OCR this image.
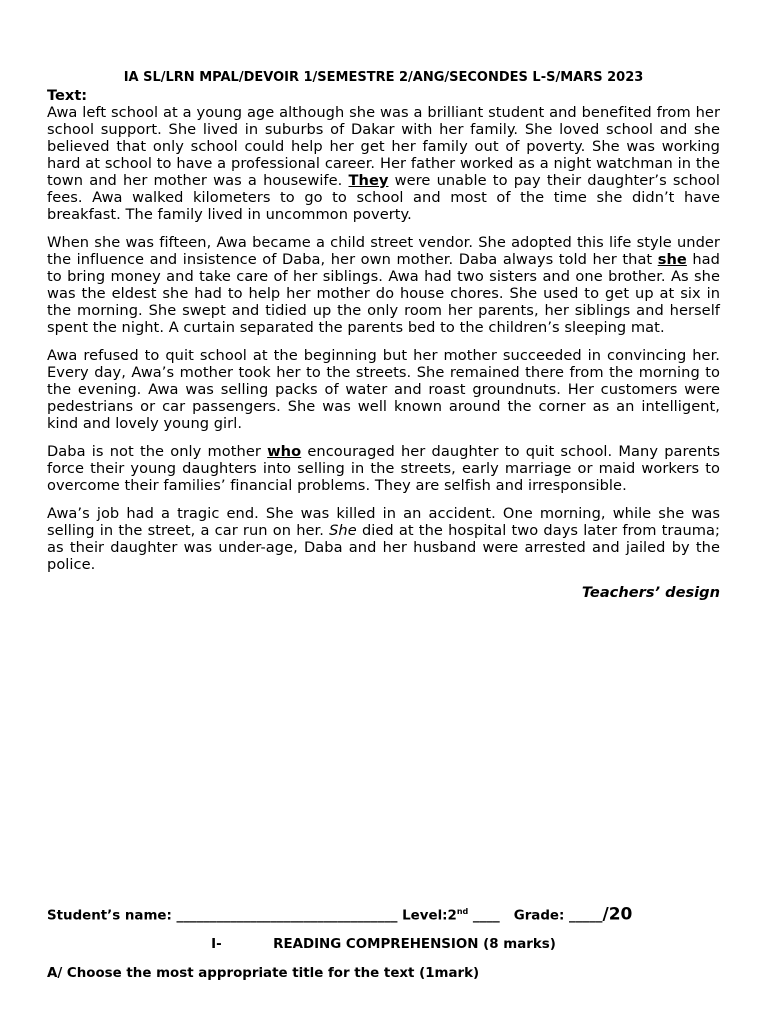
IA SL/LRN MPAL/DEVOIR 1/SEMESTRE 2/ANG/SECONDES L-S/MARS 2023

Text:

Awa left school at a young age although she was a brilliant student and benefited from her school support. She lived in suburbs of Dakar with her family. She loved school and she believed that only school could help her get her family out of poverty. She was working hard at school to have a professional career. Her father worked as a night watchman in the town and her mother was a housewife. They were unable to pay their daughter’s school fees. Awa walked kilometers to go to school and most of the time she didn’t have breakfast. The family lived in uncommon poverty.

When she was fifteen, Awa became a child street vendor. She adopted this life style under the influence and insistence of Daba, her own mother. Daba always told her that she had to bring money and take care of her siblings. Awa had two sisters and one brother. As she was the eldest she had to help her mother do house chores. She used to get up at six in the morning. She swept and tidied up the only room her parents, her siblings and herself spent the night. A curtain separated the parents bed to the children’s sleeping mat.

Awa refused to quit school at the beginning but her mother succeeded in convincing her. Every day, Awa’s mother took her to the streets. She remained there from the morning to the evening. Awa was selling packs of water and roast groundnuts. Her customers were pedestrians or car passengers. She was well known around the corner as an intelligent, kind and lovely young girl.

Daba is not the only mother who encouraged her daughter to quit school. Many parents force their young daughters into selling in the streets, early marriage or maid workers to overcome their families’ financial problems. They are selfish and irresponsible.

Awa’s job had a tragic end. She was killed in an accident. One morning, while she was selling in the street, a car run on her. She died at the hospital two days later from trauma; as their daughter was under-age, Daba and her husband were arrested and jailed by the police.

Teachers’ design

Student’s name: _________________________________ Level:2nd ____ Grade: _____/20
I-	READING COMPREHENSION (8 marks)
A/ Choose the most appropriate title for the text (1mark)
